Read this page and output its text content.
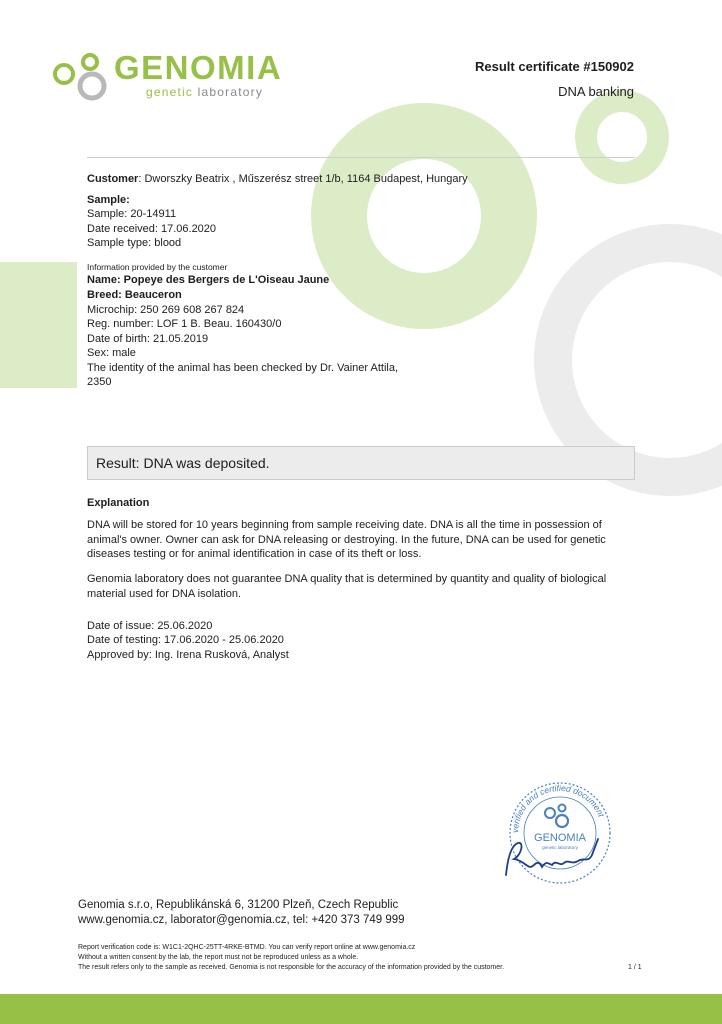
GENOMIA
genetic laboratory
Result certificate #150902
DNA banking
Customer: Dworszky Beatrix , Műszerész street 1/b, 1164 Budapest, Hungary
Sample:
Sample: 20-14911
Date received: 17.06.2020
Sample type: blood
Information provided by the customer
Name: Popeye des Bergers de L'Oiseau Jaune
Breed: Beauceron
Microchip: 250 269 608 267 824
Reg. number: LOF 1 B. Beau. 160430/0
Date of birth: 21.05.2019
Sex: male
The identity of the animal has been checked by Dr. Vainer Attila,
2350
Result: DNA was deposited.
Explanation
DNA will be stored for 10 years beginning from sample receiving date. DNA is all the time in possession of animal's owner. Owner can ask for DNA releasing or destroying. In the future, DNA can be used for genetic diseases testing or for animal identification in case of its theft or loss.
Genomia laboratory does not guarantee DNA quality that is determined by quantity and quality of biological material used for DNA isolation.
Date of issue: 25.06.2020
Date of testing: 17.06.2020 - 25.06.2020
Approved by: Ing. Irena Rusková, Analyst
verified and certified document
GENOMIA
genetic laboratory
Genomia s.r.o, Republikánská 6, 31200 Plzeň, Czech Republic
www.genomia.cz, laborator@genomia.cz, tel: +420 373 749 999
Report verification code is: W1C1-2QHC-25TT-4RKE-BTMD. You can verify report online at www.genomia.cz
Without a written consent by the lab, the report must not be reproduced unless as a whole.
The result refers only to the sample as received. Genomia is not responsible for the accuracy of the information provided by the customer.	1 / 1
